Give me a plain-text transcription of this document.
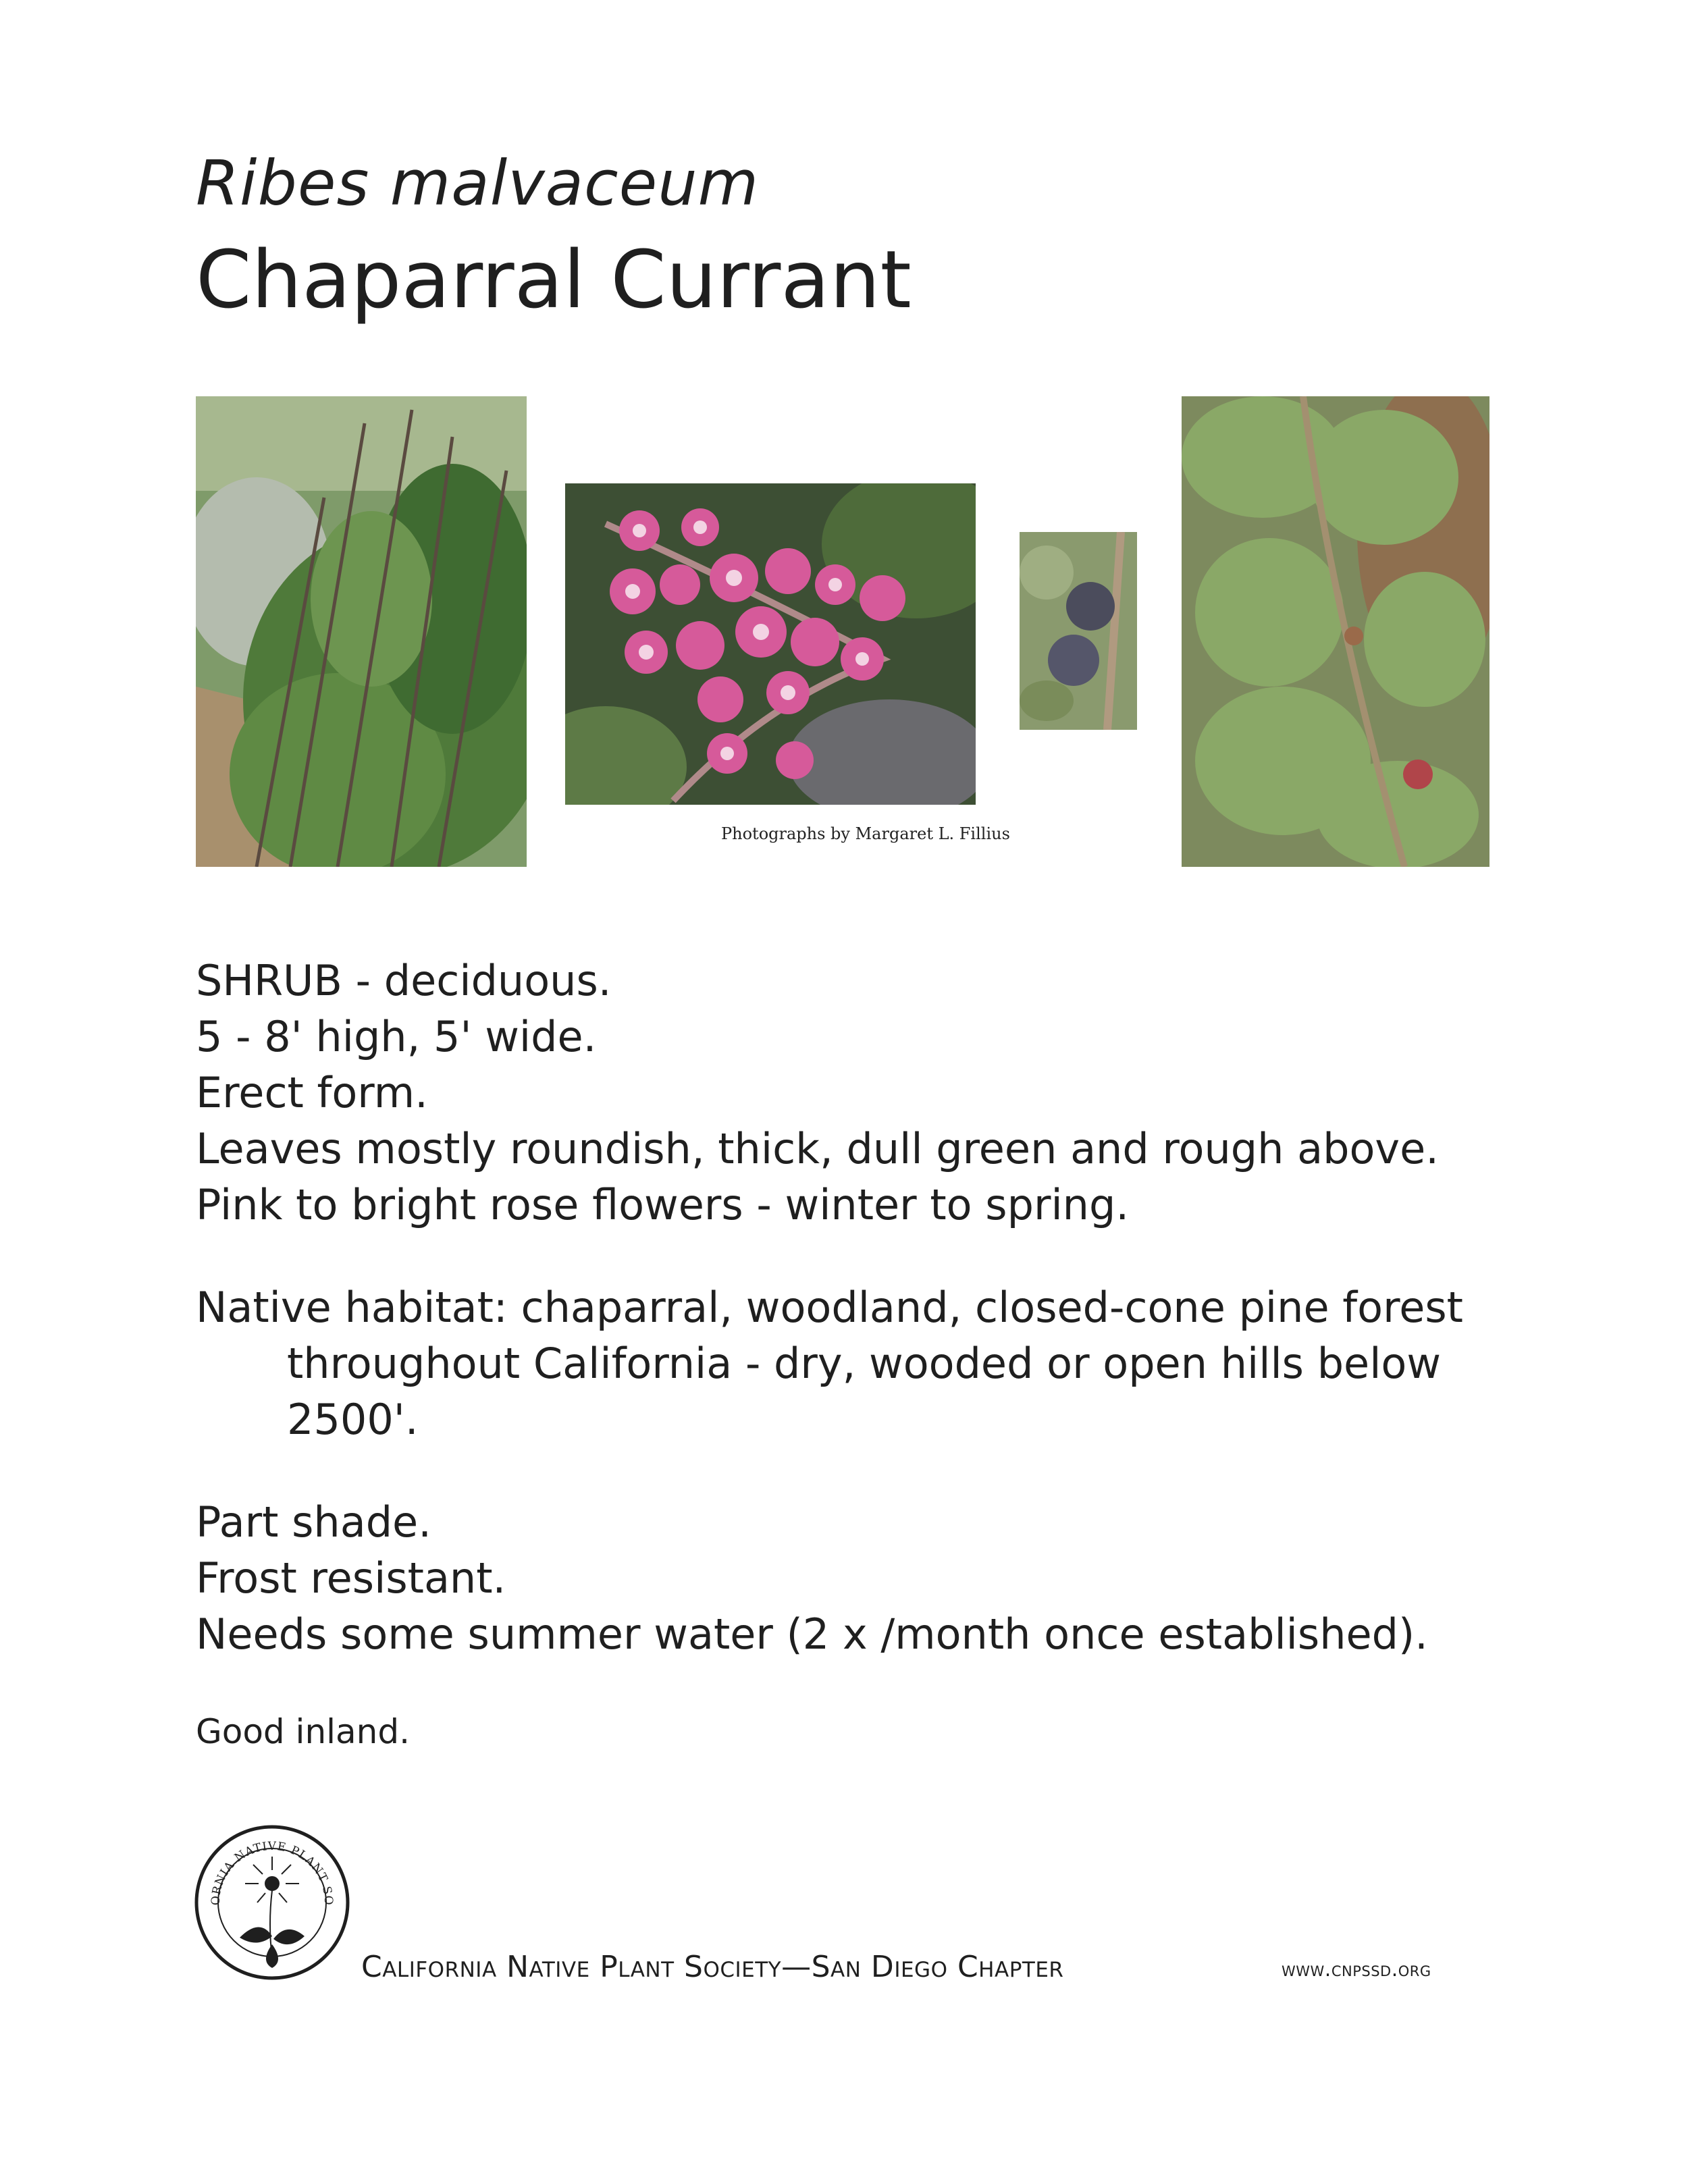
Ribes malvaceum
Chaparral Currant
Photographs by Margaret L. Fillius

SHRUB - deciduous.

5 - 8' high, 5' wide.

Erect form.

Leaves mostly roundish, thick, dull green and rough above.

Pink to bright rose flowers - winter to spring.

Native habitat: chaparral, woodland, closed-cone pine forest

throughout California - dry, wooded or open hills below

2500'.

Part shade.

Frost resistant.

Needs some summer water (2 x /month once established).

Good inland.
ORNIA NATIVE PLANT SO
California Native Plant Society—San Diego Chapter	www.cnpssd.org
